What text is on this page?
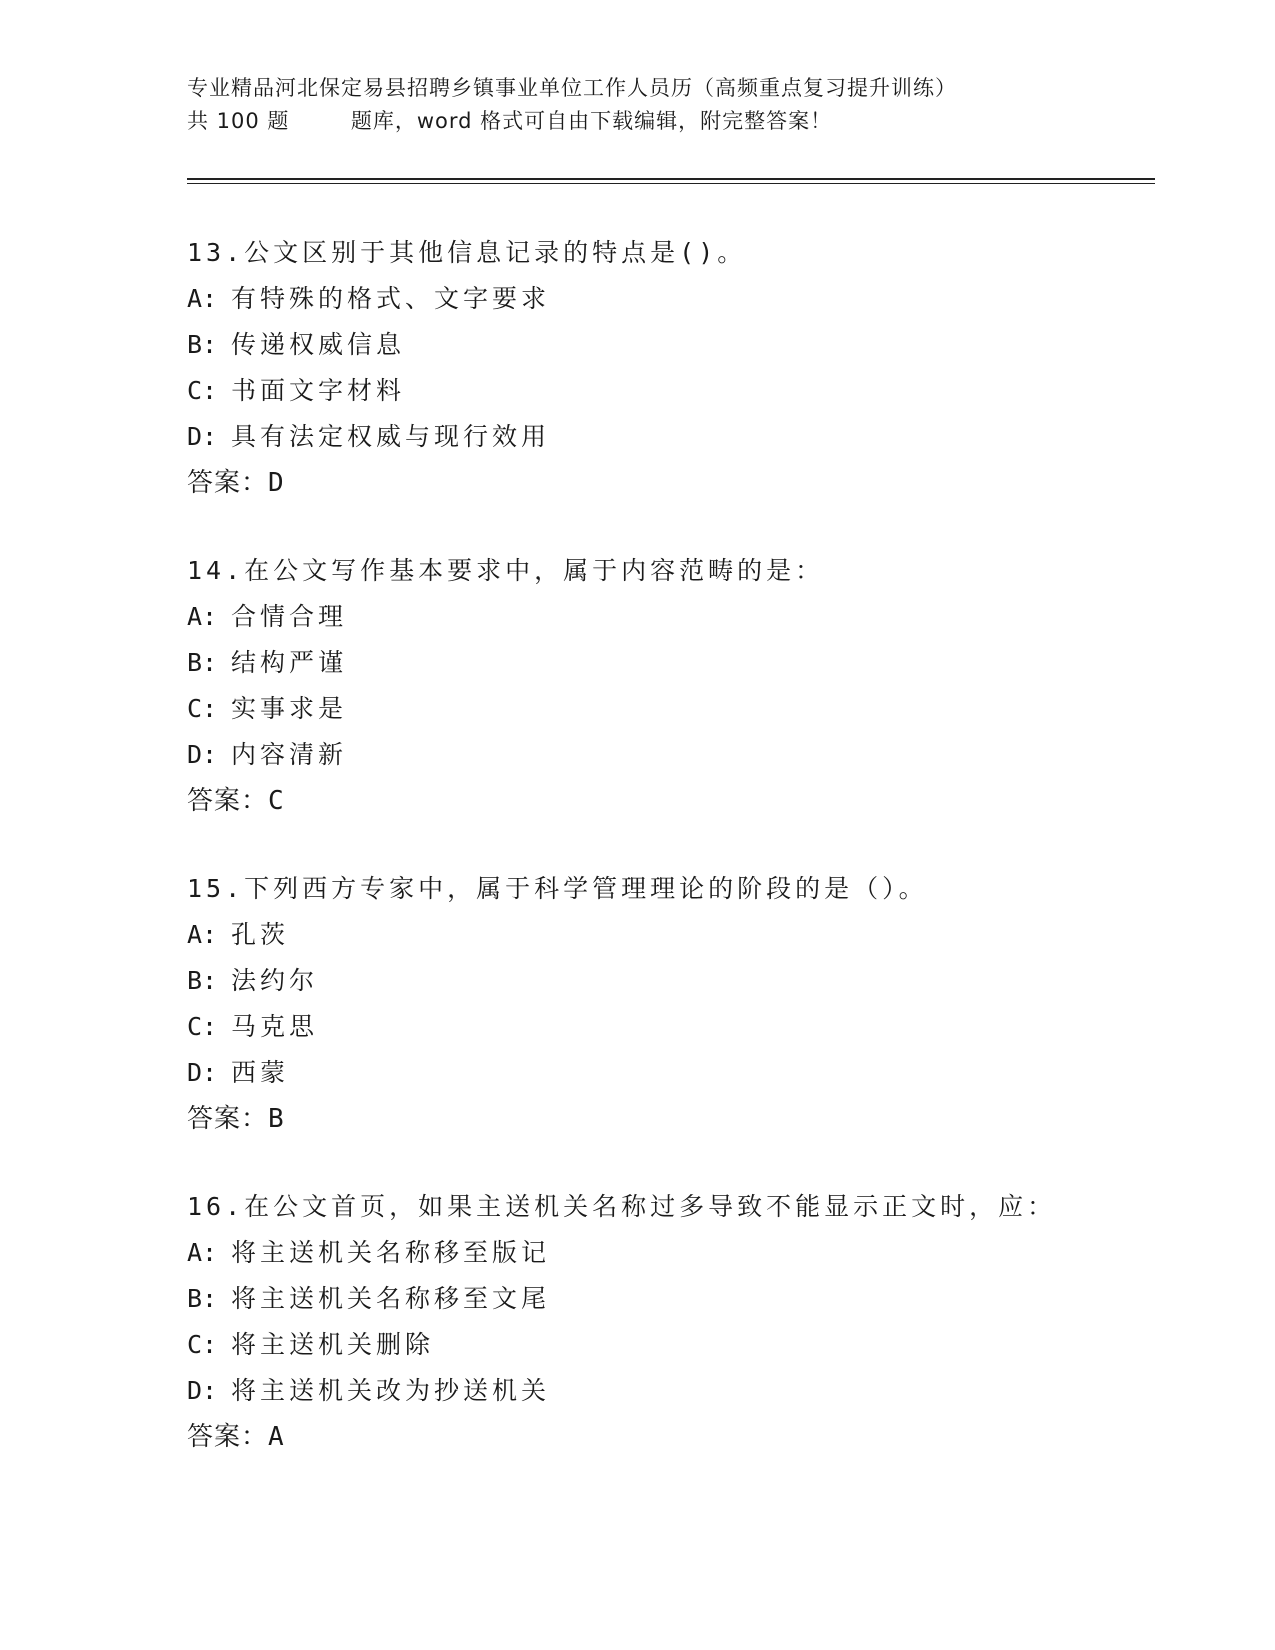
专业精品河北保定易县招聘乡镇事业单位工作人员历（高频重点复习提升训练）
共 100 题        题库，word 格式可自由下载编辑，附完整答案！
13.公文区别于其他信息记录的特点是()。
A: 有特殊的格式、文字要求
B: 传递权威信息
C: 书面文字材料
D: 具有法定权威与现行效用
答案：D
14.在公文写作基本要求中，属于内容范畴的是：
A: 合情合理
B: 结构严谨
C: 实事求是
D: 内容清新
答案：C
15.下列西方专家中，属于科学管理理论的阶段的是（）。
A: 孔茨
B: 法约尔
C: 马克思
D: 西蒙
答案：B
16.在公文首页，如果主送机关名称过多导致不能显示正文时，应：
A: 将主送机关名称移至版记
B: 将主送机关名称移至文尾
C: 将主送机关删除
D: 将主送机关改为抄送机关
答案：A
